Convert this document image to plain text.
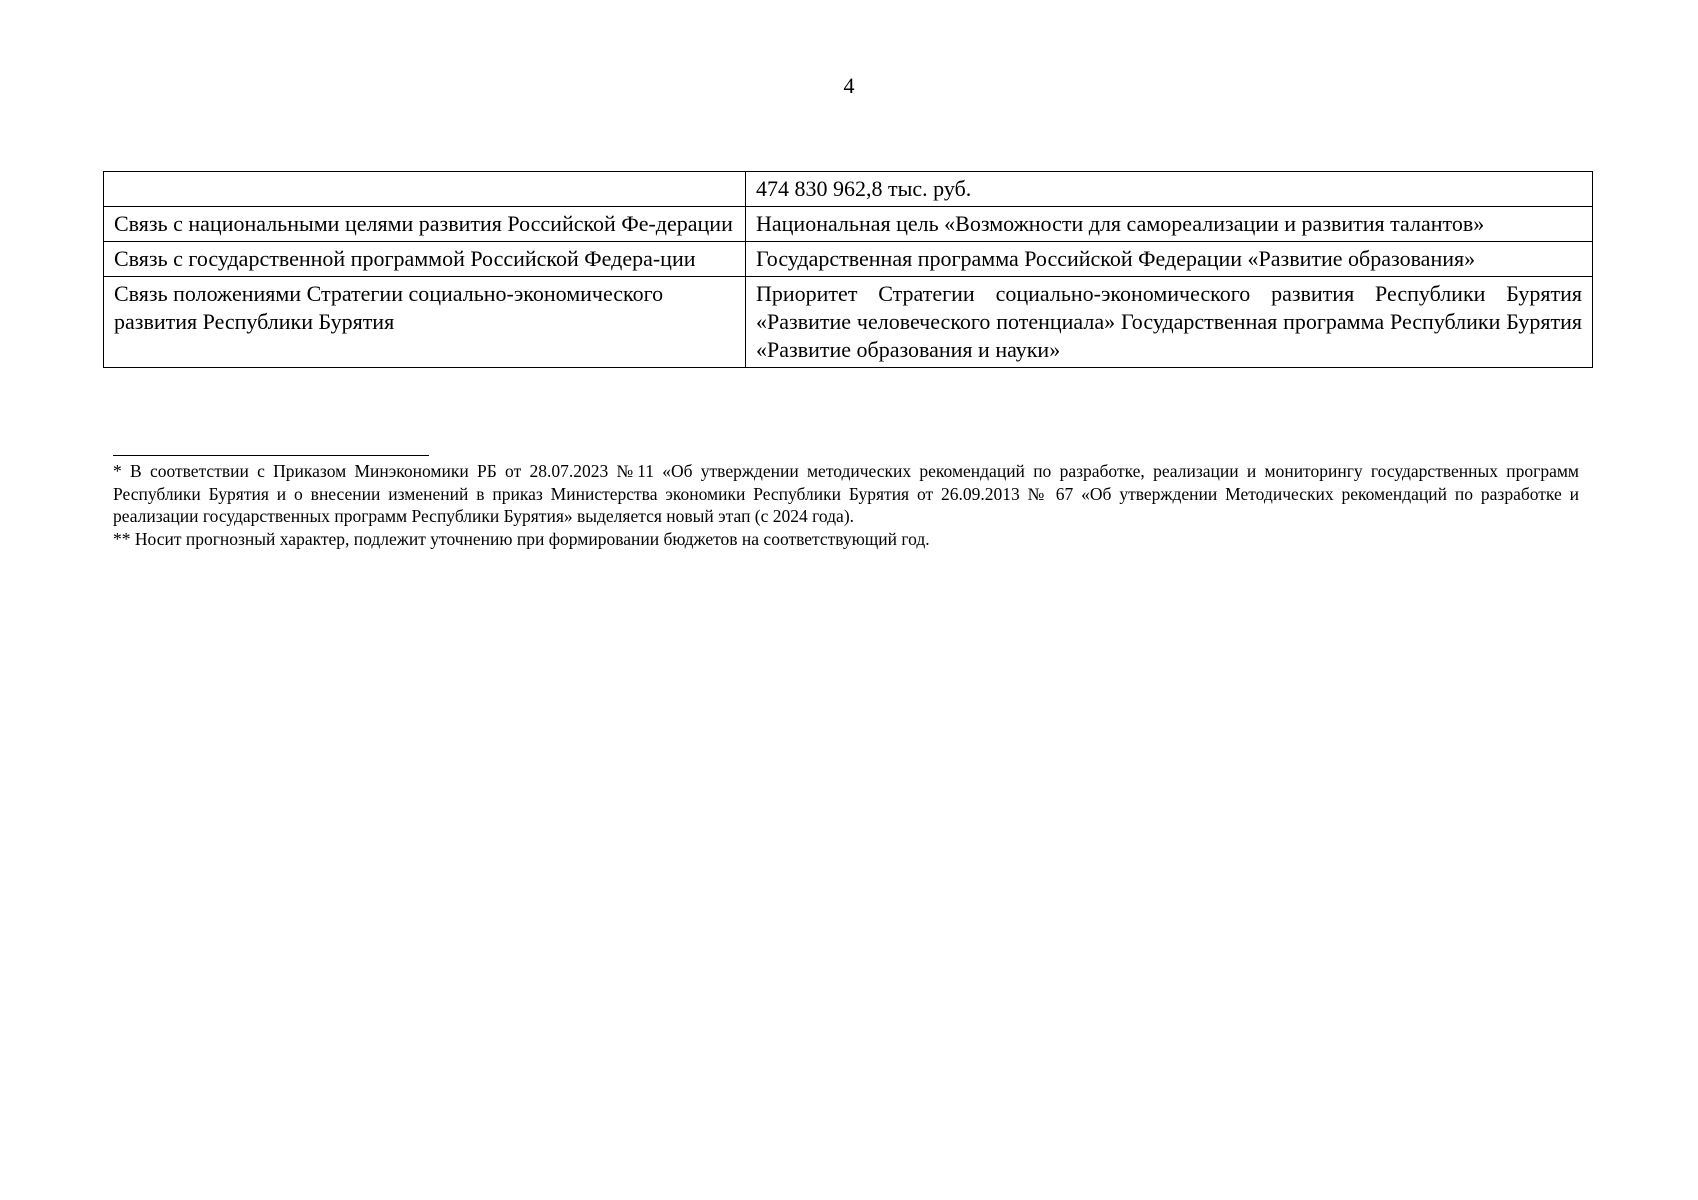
4
	474 830 962,8 тыс. руб.
Связь с национальными целями развития Российской Фе-дерации	Национальная цель «Возможности для самореализации и развития талантов»
Связь с государственной программой Российской Федера-ции	Государственная программа Российской Федерации «Развитие образования»
Связь положениями Стратегии социально-экономического развития Республики Бурятия	Приоритет Стратегии социально-экономического развития Республики Бурятия «Развитие человеческого потенциала» Государственная программа Республики Бурятия «Развитие образования и науки»

* В соответствии с Приказом Минэкономики РБ от 28.07.2023 №11 «Об утверждении методических рекомендаций по разработке, реализации и мониторингу государственных программ Республики Бурятия и о внесении изменений в приказ Министерства экономики Республики Бурятия от 26.09.2013 № 67 «Об утверждении Методических рекомендаций по разработке и реализации государственных программ Республики Бурятия» выделяется новый этап (с 2024 года).

** Носит прогнозный характер, подлежит уточнению при формировании бюджетов на соответствующий год.
